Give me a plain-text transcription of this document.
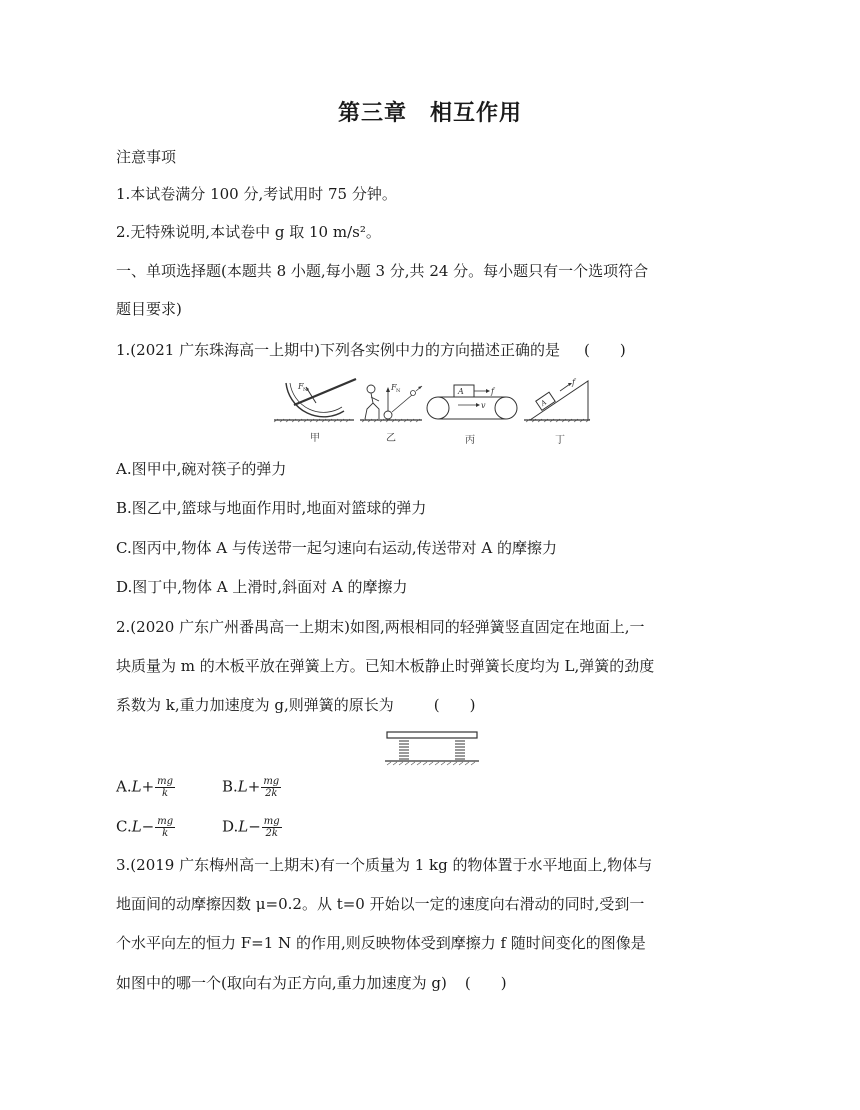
第三章　相互作用
注意事项
1.本试卷满分 100 分,考试用时 75 分钟。
2.无特殊说明,本试卷中 g 取 10 m/s²。
一、单项选择题(本题共 8 小题,每小题 3 分,共 24 分。每小题只有一个选项符合
题目要求)
1.(2021 广东珠海高一上期中)下列各实例中力的方向描述正确的是 (　　)
F N	F N	A	f
v	A
f
甲	乙	丙	丁
A.图甲中,碗对筷子的弹力
B.图乙中,篮球与地面作用时,地面对篮球的弹力
C.图丙中,物体 A 与传送带一起匀速向右运动,传送带对 A 的摩擦力
D.图丁中,物体 A 上滑时,斜面对 A 的摩擦力
2.(2020 广东广州番禺高一上期末)如图,两根相同的轻弹簧竖直固定在地面上,一
块质量为 m 的木板平放在弹簧上方。已知木板静止时弹簧长度均为 L,弹簧的劲度
系数为 k,重力加速度为 g,则弹簧的原长为	(　　)
$A.L+ \frac{mg}{k}$	$B.L+ \frac{mg}{2k}$
$C.L- \frac{mg}{k}$	$D.L- \frac{mg}{2k}$
3.(2019 广东梅州高一上期末)有一个质量为 1 kg 的物体置于水平地面上,物体与
地面间的动摩擦因数 μ=0.2。从 t=0 开始以一定的速度向右滑动的同时,受到一
个水平向左的恒力 F=1 N 的作用,则反映物体受到摩擦力 f 随时间变化的图像是
如图中的哪一个(取向右为正方向,重力加速度为 g) (　　)
